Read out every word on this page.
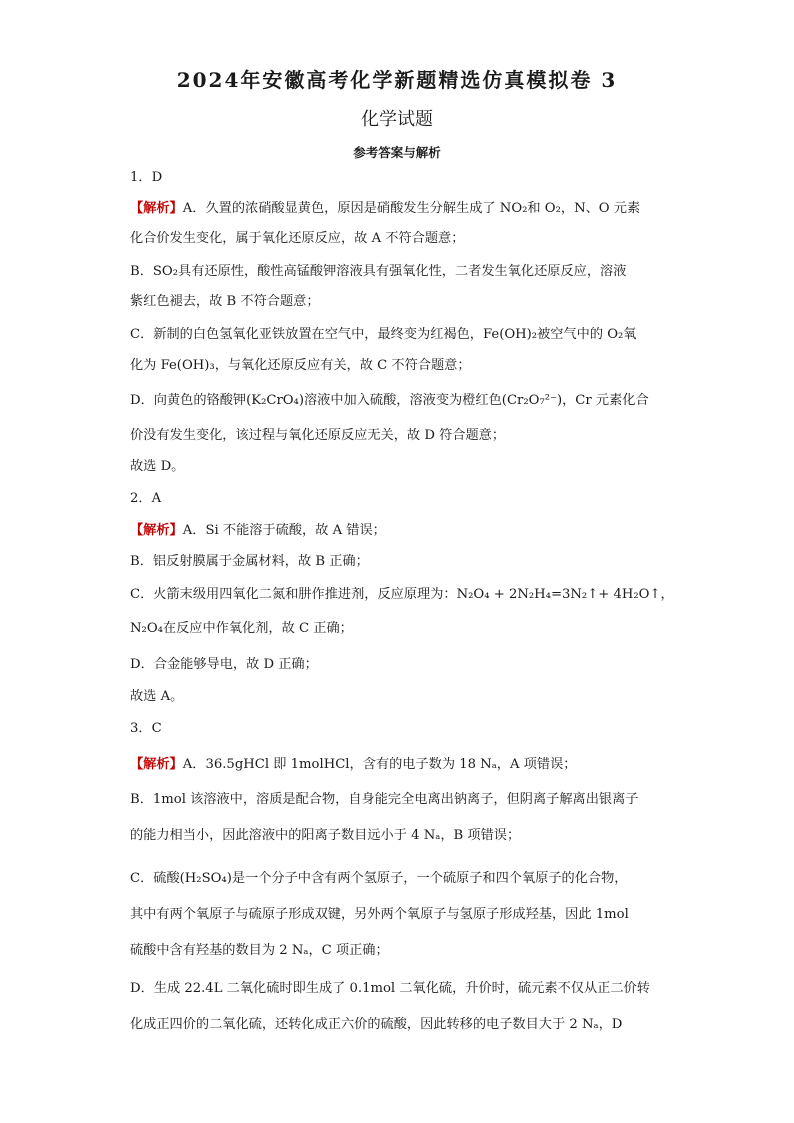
2024年安徽高考化学新题精选仿真模拟卷 3
化学试题
参考答案与解析
1．D
【解析】A．久置的浓硝酸显黄色，原因是硝酸发生分解生成了 NO₂和 O₂，N、O 元素
化合价发生变化，属于氧化还原反应，故 A 不符合题意；
B．SO₂具有还原性，酸性高锰酸钾溶液具有强氧化性，二者发生氧化还原反应，溶液
紫红色褪去，故 B 不符合题意；
C．新制的白色氢氧化亚铁放置在空气中，最终变为红褐色，Fe(OH)₂被空气中的 O₂氧
化为 Fe(OH)₃，与氧化还原反应有关，故 C 不符合题意；
D．向黄色的铬酸钾(K₂CrO₄)溶液中加入硫酸，溶液变为橙红色(Cr₂O₇²⁻)，Cr 元素化合
价没有发生变化，该过程与氧化还原反应无关，故 D 符合题意；
故选 D。
2．A
【解析】A．Si 不能溶于硫酸，故 A 错误；
B．铝反射膜属于金属材料，故 B 正确；
C．火箭末级用四氧化二氮和肼作推进剂，反应原理为：N₂O₄ + 2N₂H₄=3N₂↑+ 4H₂O↑，
N₂O₄在反应中作氧化剂，故 C 正确；
D．合金能够导电，故 D 正确；
故选 A。
3．C
【解析】A．36.5gHCl 即 1molHCl，含有的电子数为 18 Nₐ，A 项错误；
B．1mol 该溶液中，溶质是配合物，自身能完全电离出钠离子，但阴离子解离出银离子
的能力相当小，因此溶液中的阳离子数目远小于 4 Nₐ，B 项错误；
C．硫酸(H₂SO₄)是一个分子中含有两个氢原子，一个硫原子和四个氧原子的化合物，
其中有两个氧原子与硫原子形成双键，另外两个氧原子与氢原子形成羟基，因此 1mol
硫酸中含有羟基的数目为 2 Nₐ，C 项正确；
D．生成 22.4L 二氧化硫时即生成了 0.1mol 二氧化硫，升价时，硫元素不仅从正二价转
化成正四价的二氧化硫，还转化成正六价的硫酸，因此转移的电子数目大于 2 Nₐ，D
